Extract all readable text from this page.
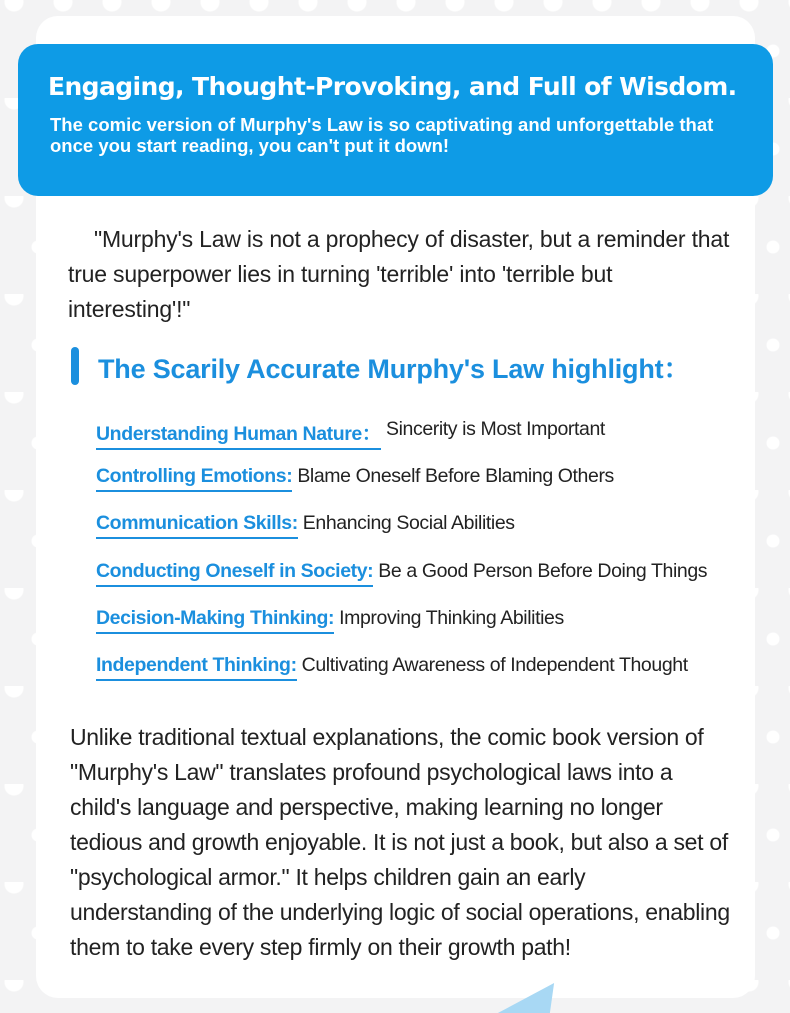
Engaging, Thought-Provoking, and Full of Wisdom.

The comic version of Murphy's Law is so captivating and unforgettable that once you start reading, you can't put it down!

"Murphy's Law is not a prophecy of disaster, but a reminder that true superpower lies in turning 'terrible' into 'terrible but interesting'!"

The Scarily Accurate Murphy's Law highlight：
Understanding Human Nature： Sincerity is Most Important
Controlling Emotions: Blame Oneself Before Blaming Others
Communication Skills: Enhancing Social Abilities
Conducting Oneself in Society: Be a Good Person Before Doing Things
Decision-Making Thinking: Improving Thinking Abilities
Independent Thinking: Cultivating Awareness of Independent Thought

Unlike traditional textual explanations, the comic book version of "Murphy's Law" translates profound psychological laws into a child's language and perspective, making learning no longer tedious and growth enjoyable. It is not just a book, but also a set of "psychological armor." It helps children gain an early understanding of the underlying logic of social operations, enabling them to take every step firmly on their growth path!
